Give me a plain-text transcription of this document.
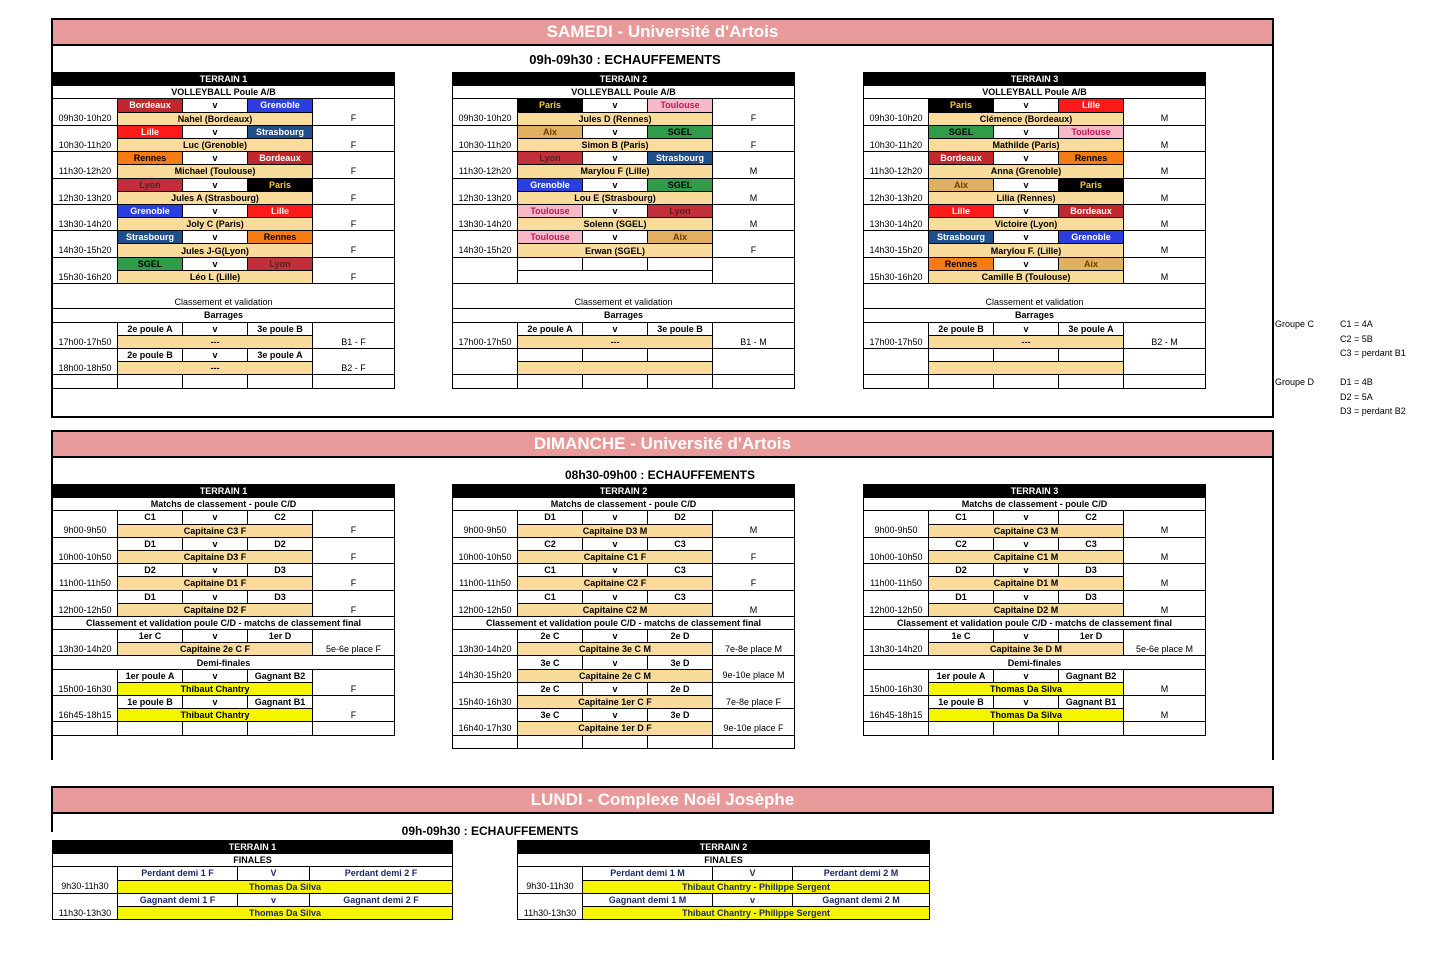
SAMEDI - Université d'Artois
09h-09h30 : ECHAUFFEMENTS
TERRAIN 1				
VOLLEYBALL Poule A/B				
	Bordeaux	v	Grenoble	
09h30-10h20	Nahel (Bordeaux)			F
	Lille	v	Strasbourg	
10h30-11h20	Luc (Grenoble)			F
	Rennes	v	Bordeaux	
11h30-12h20	Michael (Toulouse)			F
	Lyon	v	Paris	
12h30-13h20	Jules A (Strasbourg)			F
	Grenoble	v	Lille	
13h30-14h20	Joly C (Paris)			F
	Strasbourg	v	Rennes	
14h30-15h20	Jules J-G(Lyon)			F
	SGEL	v	Lyon	
15h30-16h20	Léo L (Lille)			F

Classement et validation				
Barrages				
	2e poule A	v	3e poule B	
17h00-17h50	---			B1 - F
	2e poule B	v	3e poule A	
18h00-18h50	---			B2 - F

TERRAIN 2				
VOLLEYBALL Poule A/B				
	Paris	v	Toulouse	
09h30-10h20	Jules D (Rennes)			F
	Aix	v	SGEL	
10h30-11h20	Simon B (Paris)			F
	Lyon	v	Strasbourg	
11h30-12h20	Marylou F (Lille)			M
	Grenoble	v	SGEL	
12h30-13h20	Lou E (Strasbourg)			M
	Toulouse	v	Lyon	
13h30-14h20	Solenn (SGEL)			M
	Toulouse	v	Aix	
14h30-15h20	Erwan (SGEL)			F

Classement et validation				
Barrages				
	2e poule A	v	3e poule B	
17h00-17h50	---			B1 - M

TERRAIN 3				
VOLLEYBALL Poule A/B				
	Paris	v	Lille	
09h30-10h20	Clémence (Bordeaux)			M
	SGEL	v	Toulouse	
10h30-11h20	Mathilde (Paris)			M
	Bordeaux	v	Rennes	
11h30-12h20	Anna (Grenoble)			M
	Aix	v	Paris	
12h30-13h20	Lilia (Rennes)			M
	Lille	v	Bordeaux	
13h30-14h20	Victoire (Lyon)			M
	Strasbourg	v	Grenoble	
14h30-15h20	Marylou F. (Lille)			M
	Rennes	v	Aix	
15h30-16h20	Camille B (Toulouse)			M

Classement et validation				
Barrages				
	2e poule B	v	3e poule A	
17h00-17h50	---			B2 - M

Groupe C	C1 = 4A
C2 = 5B
C3 = perdant B1
Groupe D	D1 = 4B
D2 = 5A
D3 = perdant B2
DIMANCHE - Université d'Artois
08h30-09h00 : ECHAUFFEMENTS
TERRAIN 1				
Matchs de classement - poule C/D				
	C1	v	C2	
9h00-9h50	Capitaine C3 F			F
	D1	v	D2	
10h00-10h50	Capitaine D3 F			F
	D2	v	D3	
11h00-11h50	Capitaine D1 F			F
	D1	v	D3	
12h00-12h50	Capitaine D2 F			F
Classement et validation poule C/D - matchs de classement final				
	1er C	v	1er D	
13h30-14h20	Capitaine 2e C F			5e-6e place F
Demi-finales				
	1er poule A	v	Gagnant B2	
15h00-16h30	Thibaut Chantry			F
	1e poule B	v	Gagnant B1	
16h45-18h15	Thibaut Chantry			F

TERRAIN 2				
Matchs de classement - poule C/D				
	D1	v	D2	
9h00-9h50	Capitaine D3 M			M
	C2	v	C3	
10h00-10h50	Capitaine C1 F			F
	C1	v	C3	
11h00-11h50	Capitaine C2 F			F
	C1	v	C3	
12h00-12h50	Capitaine C2 M			M
Classement et validation poule C/D - matchs de classement final				
	2e C	v	2e D	
13h30-14h20	Capitaine 3e C M			7e-8e place M
	3e C	v	3e D	
14h30-15h20	Capitaine 2e C M			9e-10e place M
	2e C	v	2e D	
15h40-16h30	Capitaine 1er C F			7e-8e place F
	3e C	v	3e D	
16h40-17h30	Capitaine 1er D F			9e-10e place F

TERRAIN 3				
Matchs de classement - poule C/D				
	C1	v	C2	
9h00-9h50	Capitaine C3 M			M
	C2	v	C3	
10h00-10h50	Capitaine C1 M			M
	D2	v	D3	
11h00-11h50	Capitaine D1 M			M
	D1	v	D3	
12h00-12h50	Capitaine D2 M			M
Classement et validation poule C/D - matchs de classement final				
	1e C	v	1er D	
13h30-14h20	Capitaine 3e D M			5e-6e place M
Demi-finales				
	1er poule A	v	Gagnant B2	
15h00-16h30	Thomas Da Silva			M
	1e poule B	v	Gagnant B1	
16h45-18h15	Thomas Da Silva			M

LUNDI - Complexe Noël Josèphe
09h-09h30 : ECHAUFFEMENTS
TERRAIN 1			
FINALES			
	Perdant demi 1 F	V	Perdant demi 2 F
9h30-11h30	Thomas Da Silva		
	Gagnant demi 1 F	v	Gagnant demi 2 F
11h30-13h30	Thomas Da Silva		
TERRAIN 2			
FINALES			
	Perdant demi 1 M	V	Perdant demi 2 M
9h30-11h30	Thibaut Chantry - Philippe Sergent		
	Gagnant demi 1 M	v	Gagnant demi 2 M
11h30-13h30	Thibaut Chantry - Philippe Sergent		
